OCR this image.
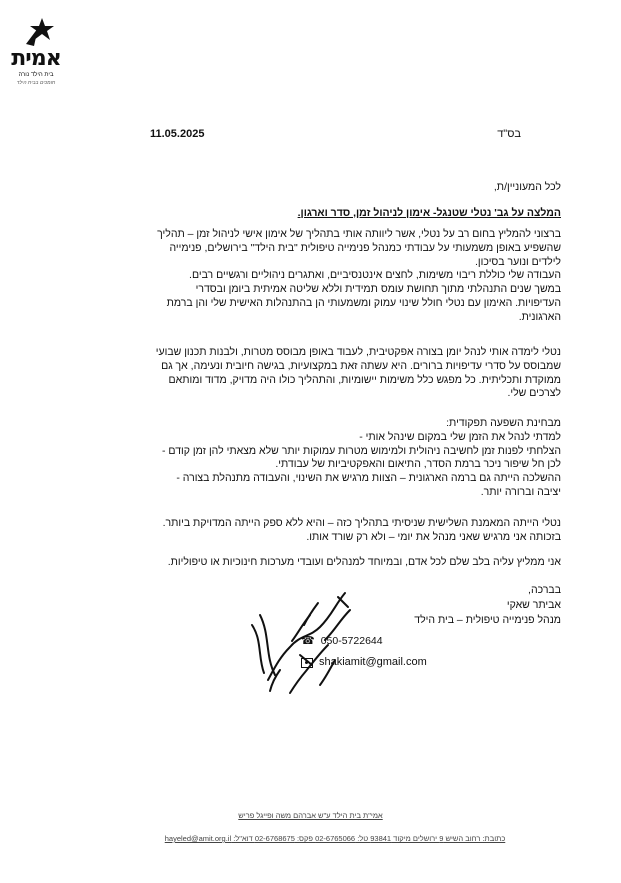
אמית
בית הילד נורה
תומכים בבית הילד
11.05.2025	בס"ד
לכל המעוניין/ת,
המלצה על גב' נטלי שטנגל- אימון לניהול זמן, סדר וארגון.

ברצוני להמליץ בחום רב על נטלי, אשר ליוותה אותי בתהליך של אימון אישי לניהול זמן – תהליך

שהשפיע באופן משמעותי על עבודתי כמנהל פנימייה טיפולית "בית הילד" בירושלים, פנימייה

לילדים ונוער בסיכון.

העבודה שלי כוללת ריבוי משימות, לחצים אינטנסיביים, ואתגרים ניהוליים ורגשיים רבים.

במשך שנים התנהלתי מתוך תחושת עומס תמידית וללא שליטה אמיתית ביומן ובסדרי

העדיפויות. האימון עם נטלי חולל שינוי עמוק ומשמעותי הן בהתנהלות האישית שלי והן ברמת

הארגונית.

נטלי לימדה אותי לנהל יומן בצורה אפקטיבית, לעבוד באופן מבוסס מטרות, ולבנות תכנון שבועי

שמבוסס על סדרי עדיפויות ברורים. היא עשתה זאת במקצועיות, בגישה חיובית ונעימה, אך גם

ממוקדת ותכליתית. כל מפגש כלל משימות יישומיות, והתהליך כולו היה מדויק, מדוד ומותאם

לצרכים שלי.

מבחינת השפעה תפקודית:

למדתי לנהל את הזמן שלי במקום שינהל אותי -

הצלחתי לפנות זמן לחשיבה ניהולית ולמימוש מטרות עמוקות יותר שלא מצאתי להן זמן קודם -

לכן חל שיפור ניכר ברמת הסדר, התיאום והאפקטיביות של עבודתי.

ההשלכה הייתה גם ברמה הארגונית – הצוות מרגיש את השינוי, והעבודה מתנהלת בצורה -

יציבה וברורה יותר.

נטלי הייתה המאמנת השלישית שניסיתי בתהליך כזה – והיא ללא ספק הייתה המדויקת ביותר.

בזכותה אני מרגיש שאני מנהל את יומי – ולא רק שורד אותו.

אני ממליץ עליה בלב שלם לכל אדם, ובמיוחד למנהלים ועובדי מערכות חינוכיות או טיפוליות.

בברכה,
אביתר שאקי
מנהל פנימייה טיפולית – בית הילד
☎ 050-5722644
shakiamit@gmail.com
אמי"ת בית הילד ע"ש אברהם משה ופייגל פריש
כתובת: רחוב השיש 9 ירושלים מיקוד 93841 טל: 02-6765066 פקס: 02-6768675 דוא"ל: hayeled@amit.org.il
